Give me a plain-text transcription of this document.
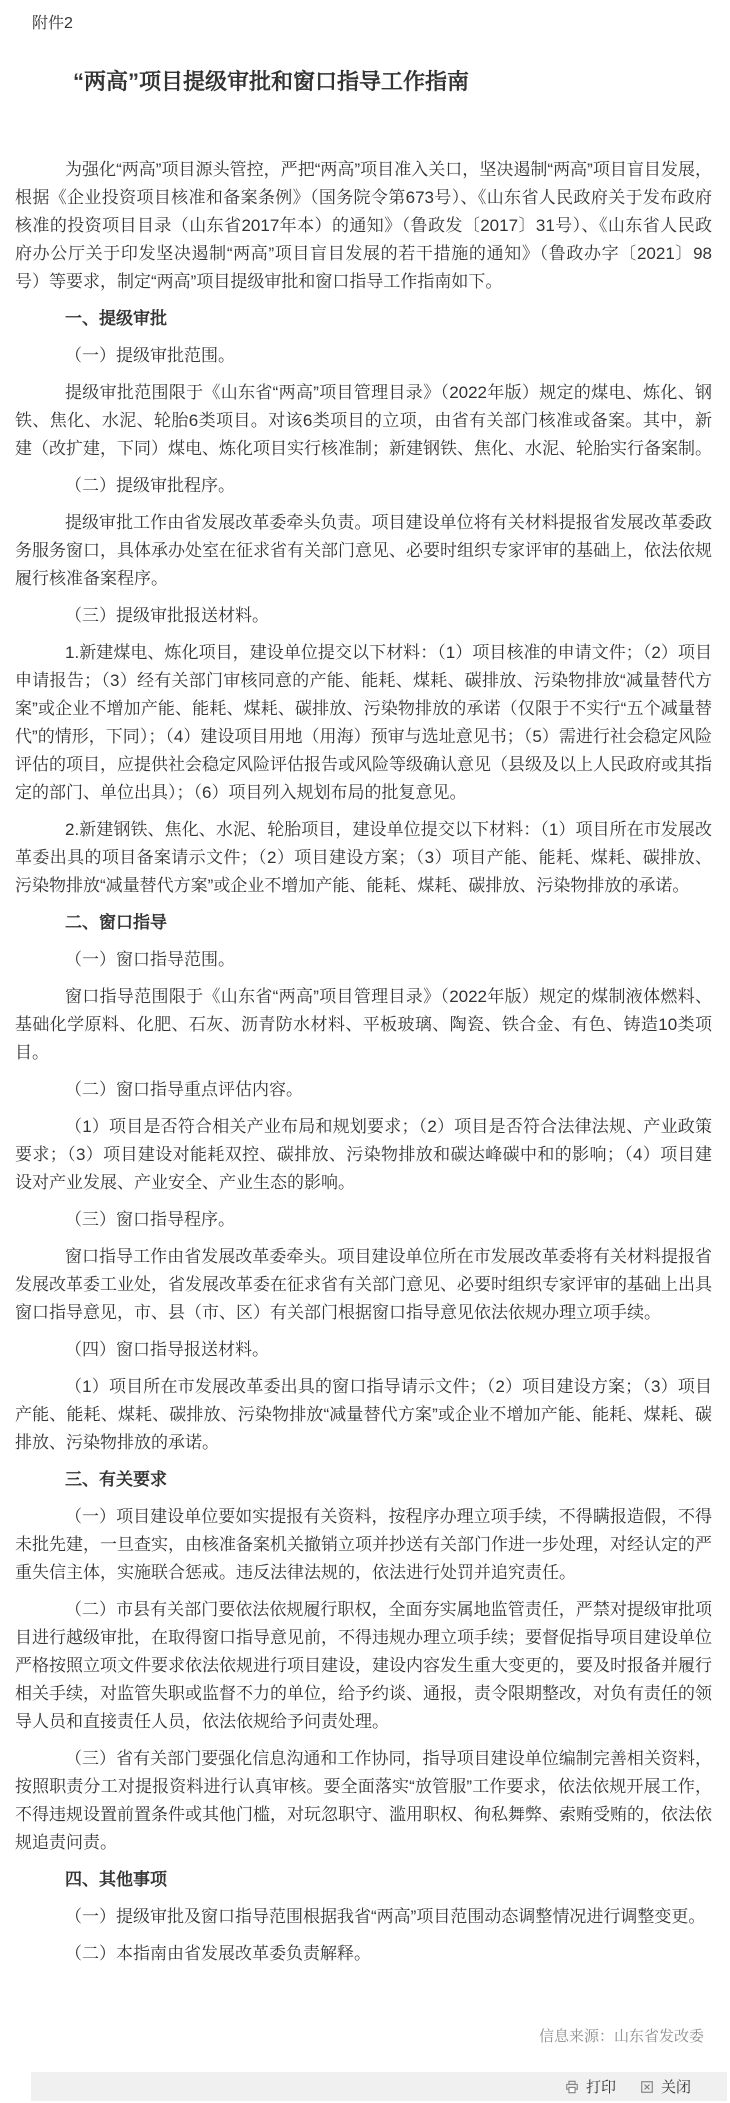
附件2
“两高”项目提级审批和窗口指导工作指南

为强化“两高”项目源头管控，严把“两高”项目准入关口，坚决遏制“两高”项目盲目发展，根据《企业投资项目核准和备案条例》（国务院令第673号）、《山东省人民政府关于发布政府核准的投资项目目录（山东省2017年本）的通知》（鲁政发〔2017〕31号）、《山东省人民政府办公厅关于印发坚决遏制“两高”项目盲目发展的若干措施的通知》（鲁政办字〔2021〕98号）等要求，制定“两高”项目提级审批和窗口指导工作指南如下。

一、提级审批

（一）提级审批范围。

提级审批范围限于《山东省“两高”项目管理目录》（2022年版）规定的煤电、炼化、钢铁、焦化、水泥、轮胎6类项目。对该6类项目的立项，由省有关部门核准或备案。其中，新建（改扩建，下同）煤电、炼化项目实行核准制；新建钢铁、焦化、水泥、轮胎实行备案制。

（二）提级审批程序。

提级审批工作由省发展改革委牵头负责。项目建设单位将有关材料提报省发展改革委政务服务窗口，具体承办处室在征求省有关部门意见、必要时组织专家评审的基础上，依法依规履行核准备案程序。

（三）提级审批报送材料。

1.新建煤电、炼化项目，建设单位提交以下材料：（1）项目核准的申请文件；（2）项目申请报告；（3）经有关部门审核同意的产能、能耗、煤耗、碳排放、污染物排放“减量替代方案”或企业不增加产能、能耗、煤耗、碳排放、污染物排放的承诺（仅限于不实行“五个减量替代”的情形，下同）；（4）建设项目用地（用海）预审与选址意见书；（5）需进行社会稳定风险评估的项目，应提供社会稳定风险评估报告或风险等级确认意见（县级及以上人民政府或其指定的部门、单位出具）；（6）项目列入规划布局的批复意见。

2.新建钢铁、焦化、水泥、轮胎项目，建设单位提交以下材料：（1）项目所在市发展改革委出具的项目备案请示文件；（2）项目建设方案；（3）项目产能、能耗、煤耗、碳排放、污染物排放“减量替代方案”或企业不增加产能、能耗、煤耗、碳排放、污染物排放的承诺。

二、窗口指导

（一）窗口指导范围。

窗口指导范围限于《山东省“两高”项目管理目录》（2022年版）规定的煤制液体燃料、基础化学原料、化肥、石灰、沥青防水材料、平板玻璃、陶瓷、铁合金、有色、铸造10类项目。

（二）窗口指导重点评估内容。

（1）项目是否符合相关产业布局和规划要求；（2）项目是否符合法律法规、产业政策要求；（3）项目建设对能耗双控、碳排放、污染物排放和碳达峰碳中和的影响；（4）项目建设对产业发展、产业安全、产业生态的影响。

（三）窗口指导程序。

窗口指导工作由省发展改革委牵头。项目建设单位所在市发展改革委将有关材料提报省发展改革委工业处，省发展改革委在征求省有关部门意见、必要时组织专家评审的基础上出具窗口指导意见，市、县（市、区）有关部门根据窗口指导意见依法依规办理立项手续。

（四）窗口指导报送材料。

（1）项目所在市发展改革委出具的窗口指导请示文件；（2）项目建设方案；（3）项目产能、能耗、煤耗、碳排放、污染物排放“减量替代方案”或企业不增加产能、能耗、煤耗、碳排放、污染物排放的承诺。

三、有关要求

（一）项目建设单位要如实提报有关资料，按程序办理立项手续，不得瞒报造假，不得未批先建，一旦查实，由核准备案机关撤销立项并抄送有关部门作进一步处理，对经认定的严重失信主体，实施联合惩戒。违反法律法规的，依法进行处罚并追究责任。

（二）市县有关部门要依法依规履行职权，全面夯实属地监管责任，严禁对提级审批项目进行越级审批，在取得窗口指导意见前，不得违规办理立项手续；要督促指导项目建设单位严格按照立项文件要求依法依规进行项目建设，建设内容发生重大变更的，要及时报备并履行相关手续，对监管失职或监督不力的单位，给予约谈、通报，责令限期整改，对负有责任的领导人员和直接责任人员，依法依规给予问责处理。

（三）省有关部门要强化信息沟通和工作协同，指导项目建设单位编制完善相关资料，按照职责分工对提报资料进行认真审核。要全面落实“放管服”工作要求，依法依规开展工作，不得违规设置前置条件或其他门槛，对玩忽职守、滥用职权、徇私舞弊、索贿受贿的，依法依规追责问责。

四、其他事项

（一）提级审批及窗口指导范围根据我省“两高”项目范围动态调整情况进行调整变更。

（二）本指南由省发展改革委负责解释。

信息来源：山东省发改委
打印	关闭
